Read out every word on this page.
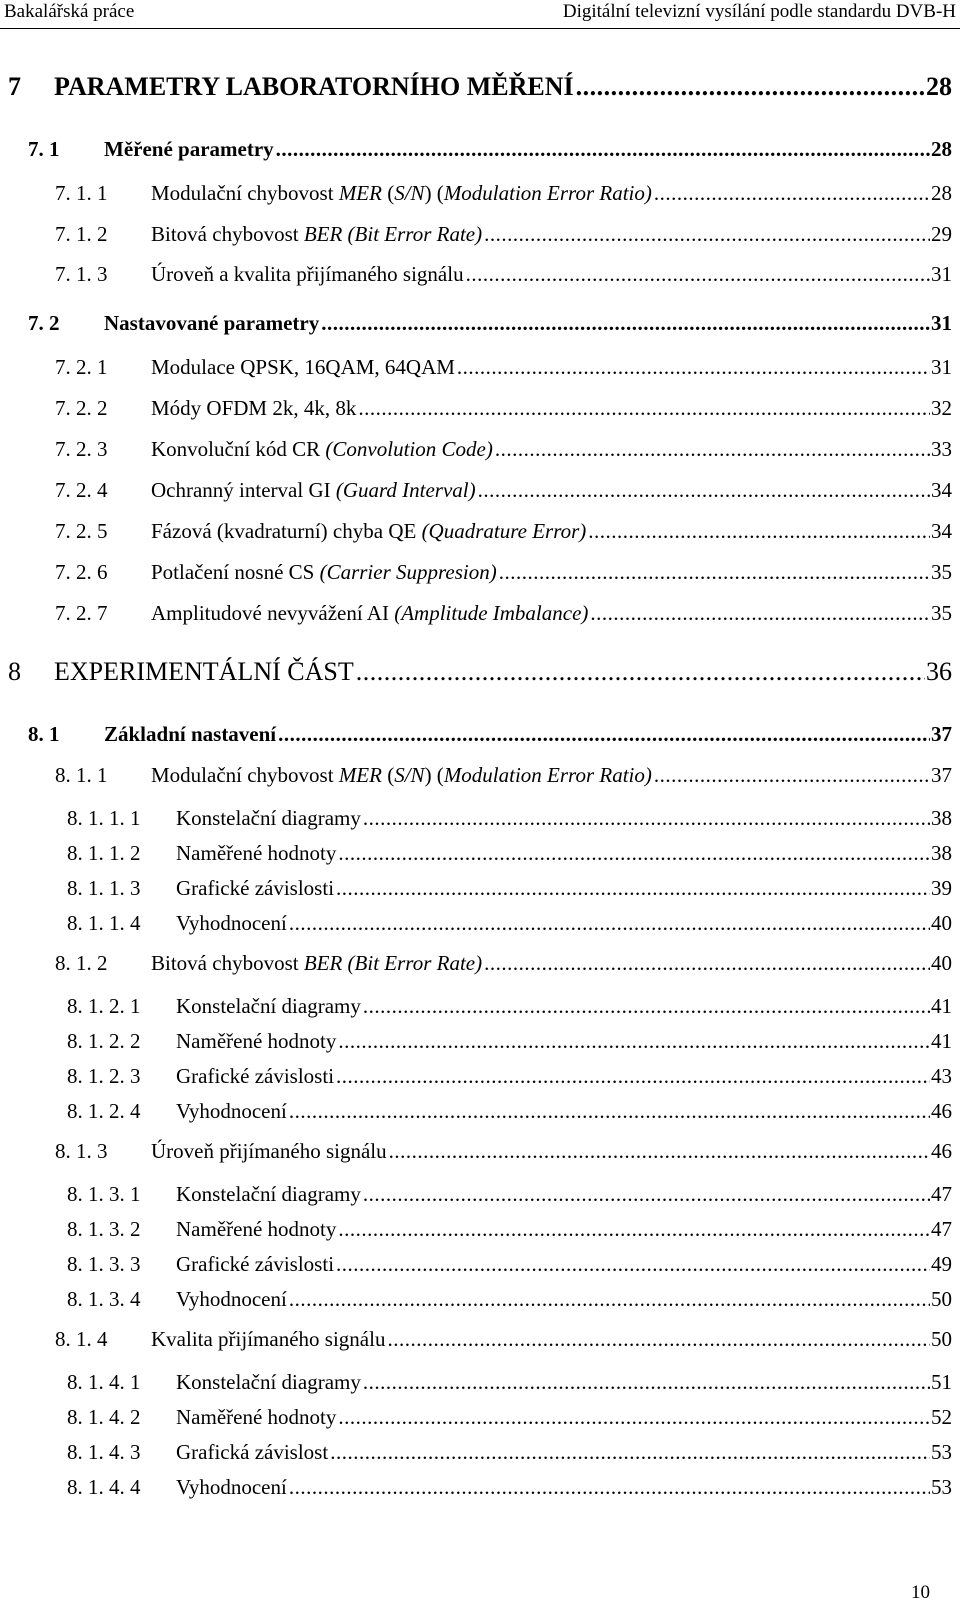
Bakalářská práce	Digitální televizní vysílání podle standardu DVB-H
7	PARAMETRY LABORATORNÍHO MĚŘENÍ .....	28
7. 1	Měřené parametry .....	28
7. 1. 1	Modulační chybovost MER (S/N) (Modulation Error Ratio) .....	28
7. 1. 2	Bitová chybovost BER (Bit Error Rate) .....	29
7. 1. 3	Úroveň a kvalita přijímaného signálu .....	31
7. 2	Nastavované parametry .....	31
7. 2. 1	Modulace QPSK, 16QAM, 64QAM .....	31
7. 2. 2	Módy OFDM 2k, 4k, 8k .....	32
7. 2. 3	Konvoluční kód CR (Convolution Code) .....	33
7. 2. 4	Ochranný interval GI (Guard Interval) .....	34
7. 2. 5	Fázová (kvadraturní) chyba QE (Quadrature Error) .....	34
7. 2. 6	Potlačení nosné CS (Carrier Suppresion) .....	35
7. 2. 7	Amplitudové nevyvážení AI (Amplitude Imbalance) .....	35
8	EXPERIMENTÁLNÍ ČÁST .....	36
8. 1	Základní nastavení .....	37
8. 1. 1	Modulační chybovost MER (S/N) (Modulation Error Ratio) .....	37
8. 1. 1. 1	Konstelační diagramy .....	38
8. 1. 1. 2	Naměřené hodnoty .....	38
8. 1. 1. 3	Grafické závislosti .....	39
8. 1. 1. 4	Vyhodnocení .....	40
8. 1. 2	Bitová chybovost BER (Bit Error Rate) .....	40
8. 1. 2. 1	Konstelační diagramy .....	41
8. 1. 2. 2	Naměřené hodnoty .....	41
8. 1. 2. 3	Grafické závislosti .....	43
8. 1. 2. 4	Vyhodnocení .....	46
8. 1. 3	Úroveň přijímaného signálu .....	46
8. 1. 3. 1	Konstelační diagramy .....	47
8. 1. 3. 2	Naměřené hodnoty .....	47
8. 1. 3. 3	Grafické závislosti .....	49
8. 1. 3. 4	Vyhodnocení .....	50
8. 1. 4	Kvalita přijímaného signálu .....	50
8. 1. 4. 1	Konstelační diagramy .....	51
8. 1. 4. 2	Naměřené hodnoty .....	52
8. 1. 4. 3	Grafická závislost .....	53
8. 1. 4. 4	Vyhodnocení .....	53
10
